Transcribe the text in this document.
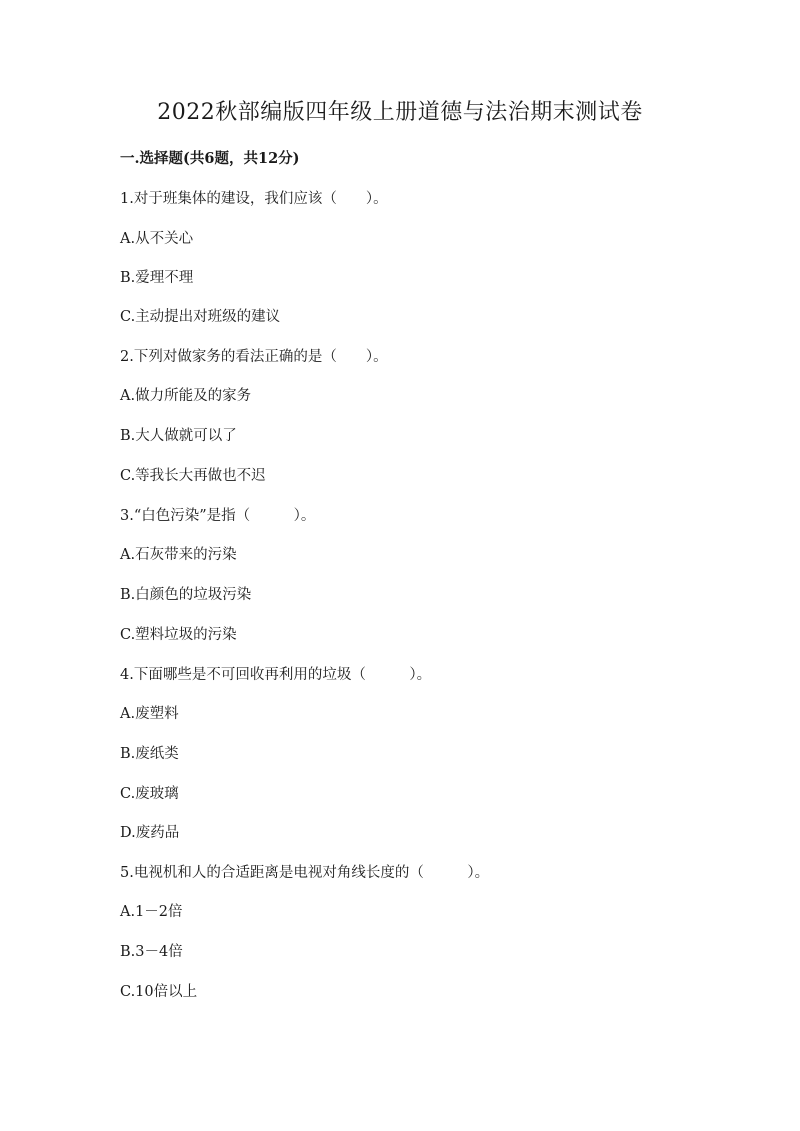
2022秋部编版四年级上册道德与法治期末测试卷
一.选择题(共6题，共12分)
1.对于班集体的建设，我们应该（　　）。
A.从不关心
B.爱理不理
C.主动提出对班级的建议
2.下列对做家务的看法正确的是（　　）。
A.做力所能及的家务
B.大人做就可以了
C.等我长大再做也不迟
3.“白色污染”是指（　　　）。
A.石灰带来的污染
B.白颜色的垃圾污染
C.塑料垃圾的污染
4.下面哪些是不可回收再利用的垃圾（　　　）。
A.废塑料
B.废纸类
C.废玻璃
D.废药品
5.电视机和人的合适距离是电视对角线长度的（　　　）。
A.1－2倍
B.3－4倍
C.10倍以上
